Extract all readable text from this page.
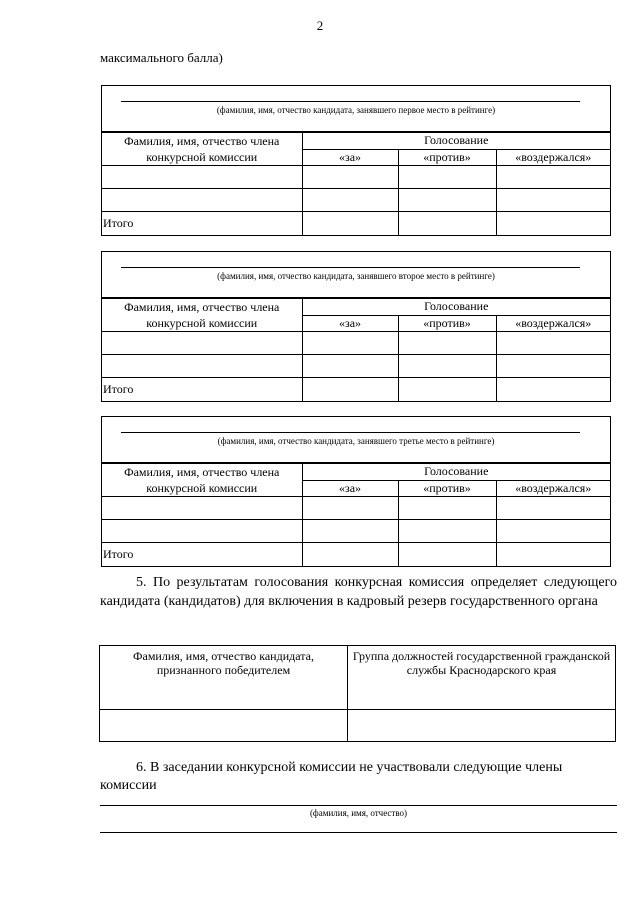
2
максимального балла)
(фамилия, имя, отчество кандидата, занявшего первое место в рейтинге)
Фамилия, имя, отчество члена
конкурсной комиссии	Голосование		
	«за»	«против»	«воздержался»

Итого			
(фамилия, имя, отчество кандидата, занявшего второе место в рейтинге)
Фамилия, имя, отчество члена
конкурсной комиссии	Голосование		
	«за»	«против»	«воздержался»

Итого			
(фамилия, имя, отчество кандидата, занявшего третье место в рейтинге)
Фамилия, имя, отчество члена
конкурсной комиссии	Голосование		
	«за»	«против»	«воздержался»

Итого			
5. По результатам голосования конкурсная комиссия определяет следующего кандидата (кандидатов) для включения в кадровый резерв государственного органа
Фамилия, имя, отчество кандидата, признанного победителем	Группа должностей государственной гражданской службы Краснодарского края

6. В заседании конкурсной комиссии не участвовали следующие члены комиссии
(фамилия, имя, отчество)
